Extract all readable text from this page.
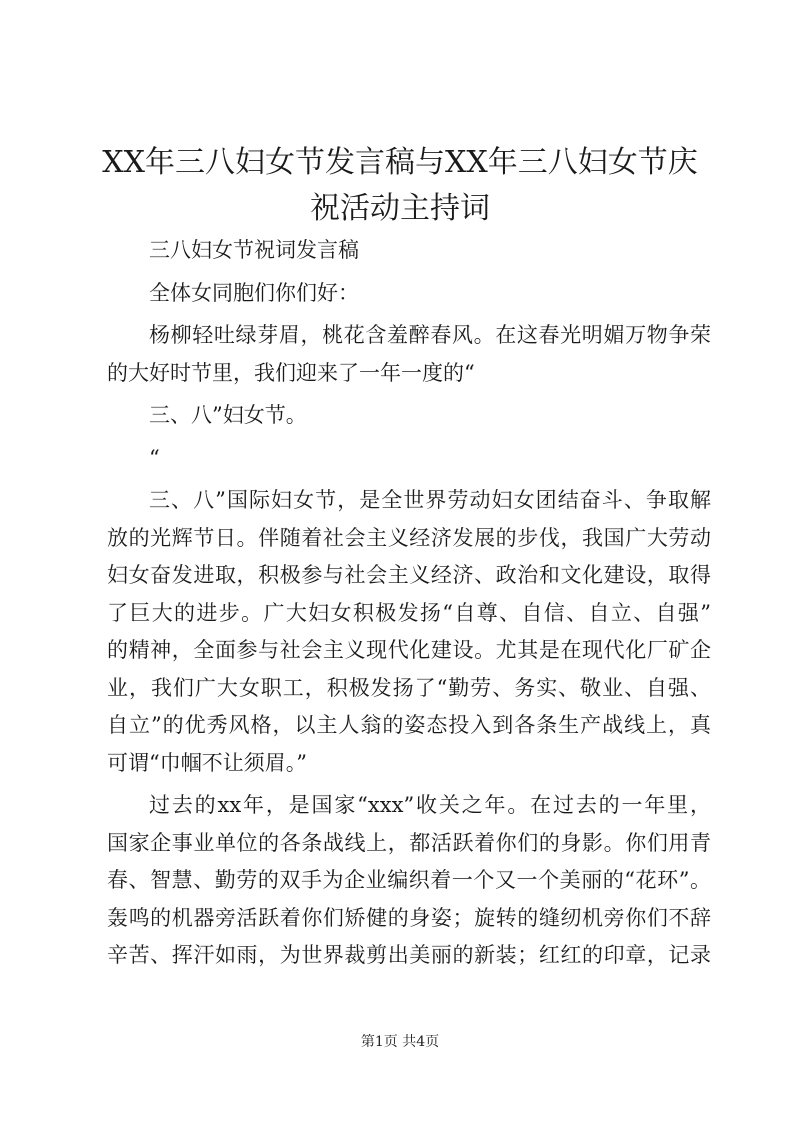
XX年三八妇女节发言稿与XX年三八妇女节庆
祝活动主持词
三八妇女节祝词发言稿
全体女同胞们你们好：
杨柳轻吐绿芽眉，桃花含羞醉春风。在这春光明媚万物争荣
的大好时节里，我们迎来了一年一度的“
三、八”妇女节。
“
三、八”国际妇女节，是全世界劳动妇女团结奋斗、争取解
放的光辉节日。伴随着社会主义经济发展的步伐，我国广大劳动
妇女奋发进取，积极参与社会主义经济、政治和文化建设，取得
了巨大的进步。广大妇女积极发扬“自尊、自信、自立、自强”
的精神，全面参与社会主义现代化建设。尤其是在现代化厂矿企
业，我们广大女职工，积极发扬了“勤劳、务实、敬业、自强、
自立”的优秀风格，以主人翁的姿态投入到各条生产战线上，真
可谓“巾帼不让须眉。”
过去的xx年，是国家“xxx”收关之年。在过去的一年里，
国家企事业单位的各条战线上，都活跃着你们的身影。你们用青
春、智慧、勤劳的双手为企业编织着一个又一个美丽的“花环”。
轰鸣的机器旁活跃着你们矫健的身姿；旋转的缝纫机旁你们不辞
辛苦、挥汗如雨，为世界裁剪出美丽的新装；红红的印章，记录
第1页 共4页
